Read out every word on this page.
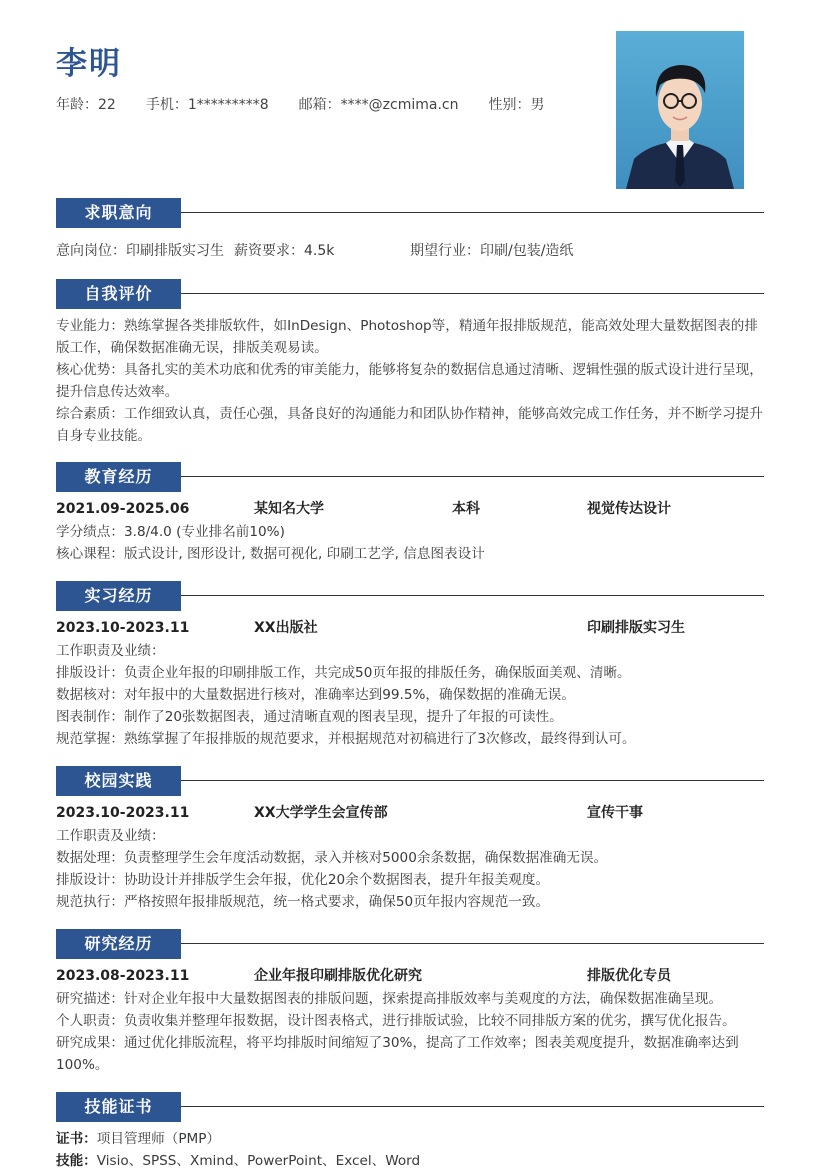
李明
年龄：22 手机：1*********8 邮箱：****@zcmima.cn 性别：男
求职意向
意向岗位：印刷排版实习生 薪资要求：4.5k	期望行业：印刷/包装/造纸
自我评价

专业能力：熟练掌握各类排版软件，如InDesign、Photoshop等，精通年报排版规范，能高效处理大量数据图表的排版工作，确保数据准确无误，排版美观易读。

核心优势：具备扎实的美术功底和优秀的审美能力，能够将复杂的数据信息通过清晰、逻辑性强的版式设计进行呈现，提升信息传达效率。

综合素质：工作细致认真，责任心强，具备良好的沟通能力和团队协作精神，能够高效完成工作任务，并不断学习提升自身专业技能。

教育经历
2021.09-2025.06	某知名大学	本科	视觉传达设计

学分绩点：3.8/4.0 (专业排名前10%)

核心课程：版式设计, 图形设计, 数据可视化, 印刷工艺学, 信息图表设计

实习经历
2023.10-2023.11	XX出版社	印刷排版实习生

工作职责及业绩：

排版设计：负责企业年报的印刷排版工作，共完成50页年报的排版任务，确保版面美观、清晰。

数据核对：对年报中的大量数据进行核对，准确率达到99.5%，确保数据的准确无误。

图表制作：制作了20张数据图表，通过清晰直观的图表呈现，提升了年报的可读性。

规范掌握：熟练掌握了年报排版的规范要求，并根据规范对初稿进行了3次修改，最终得到认可。

校园实践
2023.10-2023.11	XX大学学生会宣传部	宣传干事

工作职责及业绩：

数据处理：负责整理学生会年度活动数据，录入并核对5000余条数据，确保数据准确无误。

排版设计：协助设计并排版学生会年报，优化20余个数据图表，提升年报美观度。

规范执行：严格按照年报排版规范，统一格式要求，确保50页年报内容规范一致。

研究经历
2023.08-2023.11	企业年报印刷排版优化研究	排版优化专员

研究描述：针对企业年报中大量数据图表的排版问题，探索提高排版效率与美观度的方法，确保数据准确呈现。

个人职责：负责收集并整理年报数据，设计图表格式，进行排版试验，比较不同排版方案的优劣，撰写优化报告。

研究成果：通过优化排版流程，将平均排版时间缩短了30%，提高了工作效率；图表美观度提升，数据准确率达到100%。

技能证书

证书：项目管理师（PMP）

技能：Visio、SPSS、Xmind、PowerPoint、Excel、Word
